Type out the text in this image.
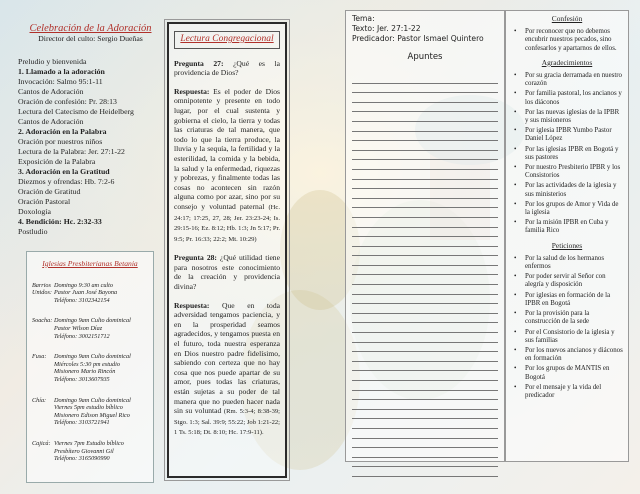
Celebración de la Adoración
Director del culto: Sergio Dueñas
Preludio y bienvenida
1. Llamado a la adoración
Invocación: Salmo 95:1-11
Cantos de Adoración
Oración de confesión: Pr. 28:13
Lectura del Catecismo de Heidelberg
Cantos de Adoración
2. Adoración en la Palabra
Oración por nuestros niños
Lectura de la Palabra: Jer. 27:1-22
Exposición de la Palabra
3. Adoración en la Gratitud
Diezmos y ofrendas: Hb. 7:2-6
Oración de Gratitud
Oración Pastoral
Doxología
4. Bendición: Hc. 2:32-33
Postludio
Iglesias Presbiterianas Betania
Barrios Unidos:
Domingo 9:30 am culto
Pastor Juan José Bayona
Teléfono: 3102342154
Soacha: Domingo 9am Culto dominical
Pastor Wilson Díaz
Teléfono: 3002151712
Fusa:	Domingo 9am Culto dominical
Miércoles 5:30 pm estudio
Misionero Mario Rincón
Teléfono: 3013607935
Chía:	Domingo 9am Culto dominical
Viernes 5pm estudio bíblico
Misionero Edison Miguel Rico
Teléfono: 3103721941
Cajicá: Viernes 7pm Estudio bíblico
Presbítero Giovanni Gil
Teléfono: 3165090990
Lectura Congregacional

Pregunta 27: ¿Qué es la providencia de Dios?

Respuesta: Es el poder de Dios omnipotente y presente en todo lugar, por el cual sustenta y gobierna el cielo, la tierra y todas las criaturas de tal manera, que todo lo que la tierra produce, la lluvia y la sequía, la fertilidad y la esterilidad, la comida y la bebida, la salud y la enfermedad, riquezas y pobrezas, y finalmente todas las cosas no acontecen sin razón alguna como por azar, sino por su consejo y voluntad paternal (Hc. 24:17; 17:25, 27, 28; Jer. 23:23-24; Is. 29:15-16; Ez. 8:12; Hb. 1:3; Jn 5:17; Pr. 9:5; Pr. 16:33; 22:2; Mt. 10:29)

Pregunta 28: ¿Qué utilidad tiene para nosotros este conocimiento de la creación y providencia divina?

Respuesta: Que en toda adversidad tengamos paciencia, y en la prosperidad seamos agradecidos, y tengamos puesta en el futuro, toda nuestra esperanza en Dios nuestro padre fidelísimo, sabiendo con certeza que no hay cosa que nos puede apartar de su amor, pues todas las criaturas, están sujetas a su poder de tal manera que no pueden hacer nada sin su voluntad (Rm. 5:3-4; 8:38-39; Stgo. 1:3; Sal. 39:9; 55:22; Job 1:21-22; 1 Ts. 5:18; Dt. 8:10; Hc. 17:9-11).

Tema:
Texto: Jer. 27:1-22
Predicador: Pastor Ismael Quintero
Apuntes
Confesión
• Por reconocer que no debemos encubrir nuestros pecados, sino confesarlos y apartarnos de ellos.
Agradecimientos
• Por su gracia derramada en nuestro corazón
• Por familia pastoral, los ancianos y los diáconos
• Por las nuevas iglesias de la IPBR y sus misioneros
• Por iglesia IPBR Yumbo Pastor Daniel López
• Por las iglesias IPBR en Bogotá y sus pastores
• Por nuestro Presbiterio IPBR y los Consistorios
• Por las actividades de la iglesia y sus ministerios
• Por los grupos de Amor y Vida de la iglesia
• Por la misión IPBR en Cuba y familia Rico
Peticiones
• Por la salud de los hermanos enfermos
• Por poder servir al Señor con alegría y disposición
• Por iglesias en formación de la IPBR en Bogotá
• Por la provisión para la construcción de la sede
• Por el Consistorio de la iglesia y sus familias
• Por los nuevos ancianos y diáconos en formación
• Por los grupos de MANTIS en Bogotá
• Por el mensaje y la vida del predicador
